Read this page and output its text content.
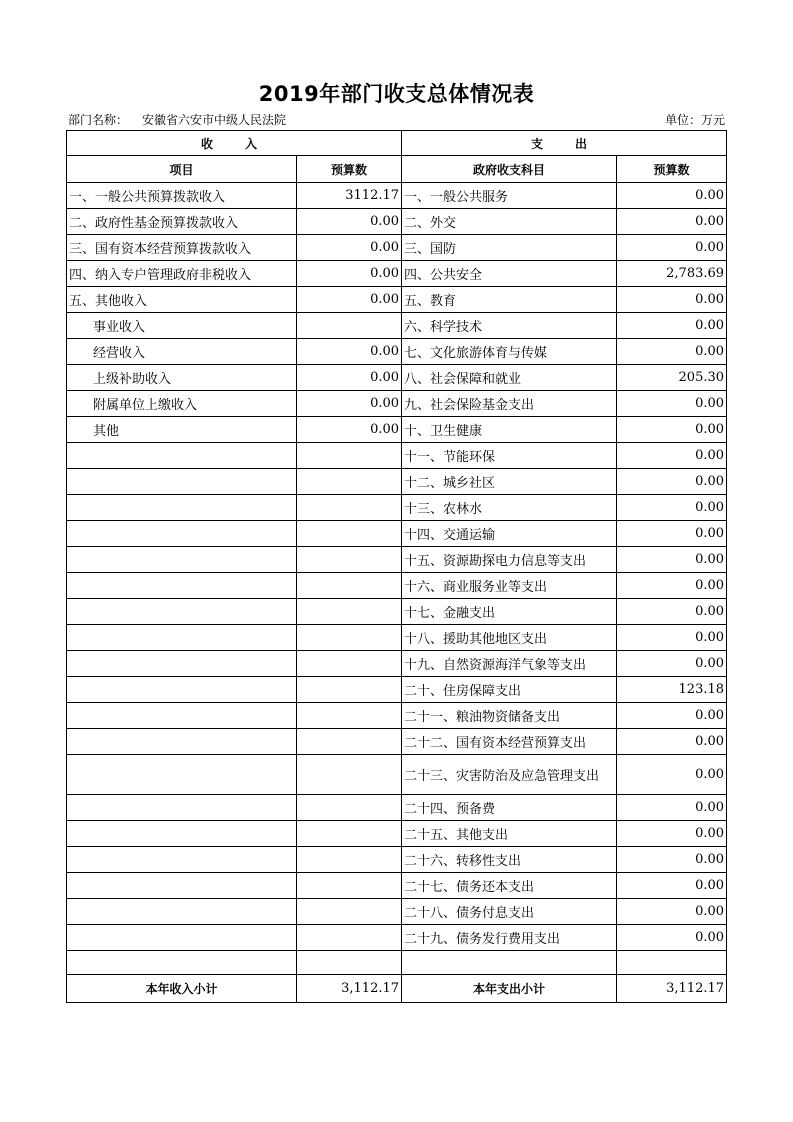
2019年部门收支总体情况表
部门名称： 安徽省六安市中级人民法院	单位：万元
收　入		支　出	
项目	预算数	政府收支科目	预算数
一、一般公共预算拨款收入	3112.17	一、一般公共服务	0.00
二、政府性基金预算拨款收入	0.00	二、外交	0.00
三、国有资本经营预算拨款收入	0.00	三、国防	0.00
四、纳入专户管理政府非税收入	0.00	四、公共安全	2,783.69
五、其他收入	0.00	五、教育	0.00
事业收入		六、科学技术	0.00
经营收入	0.00	七、文化旅游体育与传媒	0.00
上级补助收入	0.00	八、社会保障和就业	205.30
附属单位上缴收入	0.00	九、社会保险基金支出	0.00
其他	0.00	十、卫生健康	0.00
		十一、节能环保	0.00
		十二、城乡社区	0.00
		十三、农林水	0.00
		十四、交通运输	0.00
		十五、资源勘探电力信息等支出	0.00
		十六、商业服务业等支出	0.00
		十七、金融支出	0.00
		十八、援助其他地区支出	0.00
		十九、自然资源海洋气象等支出	0.00
		二十、住房保障支出	123.18
		二十一、粮油物资储备支出	0.00
		二十二、国有资本经营预算支出	0.00
		二十三、灾害防治及应急管理支出	0.00
		二十四、预备费	0.00
		二十五、其他支出	0.00
		二十六、转移性支出	0.00
		二十七、债务还本支出	0.00
		二十八、债务付息支出	0.00
		二十九、债务发行费用支出	0.00

本年收入小计	3,112.17	本年支出小计	3,112.17
